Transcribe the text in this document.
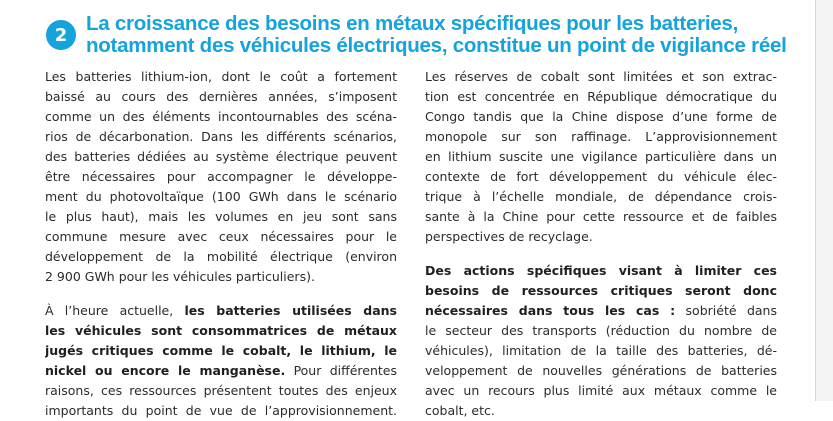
2 La croissance des besoins en métaux spécifiques pour les batteries,
notamment des véhicules électriques, constitue un point de vigilance réel
Les batteries lithium-ion, dont le coût a fortement
baissé au cours des dernières années, s’imposent
comme un des éléments incontournables des scéna-
rios de décarbonation. Dans les différents scénarios,
des batteries dédiées au système électrique peuvent
être nécessaires pour accompagner le développe-
ment du photovoltaïque (100 GWh dans le scénario
le plus haut), mais les volumes en jeu sont sans
commune mesure avec ceux nécessaires pour le
développement de la mobilité électrique (environ
2 900 GWh pour les véhicules particuliers).
À l’heure actuelle, les batteries utilisées dans
les véhicules sont consommatrices de métaux
jugés critiques comme le cobalt, le lithium, le
nickel ou encore le manganèse. Pour différentes
raisons, ces ressources présentent toutes des enjeux
importants du point de vue de l’approvisionnement.
Les réserves de cobalt sont limitées et son extrac-
tion est concentrée en République démocratique du
Congo tandis que la Chine dispose d’une forme de
monopole sur son raffinage. L’approvisionnement
en lithium suscite une vigilance particulière dans un
contexte de fort développement du véhicule élec-
trique à l’échelle mondiale, de dépendance crois-
sante à la Chine pour cette ressource et de faibles
perspectives de recyclage.
Des actions spécifiques visant à limiter ces
besoins de ressources critiques seront donc
nécessaires dans tous les cas : sobriété dans
le secteur des transports (réduction du nombre de
véhicules), limitation de la taille des batteries, dé-
veloppement de nouvelles générations de batteries
avec un recours plus limité aux métaux comme le
cobalt, etc.
